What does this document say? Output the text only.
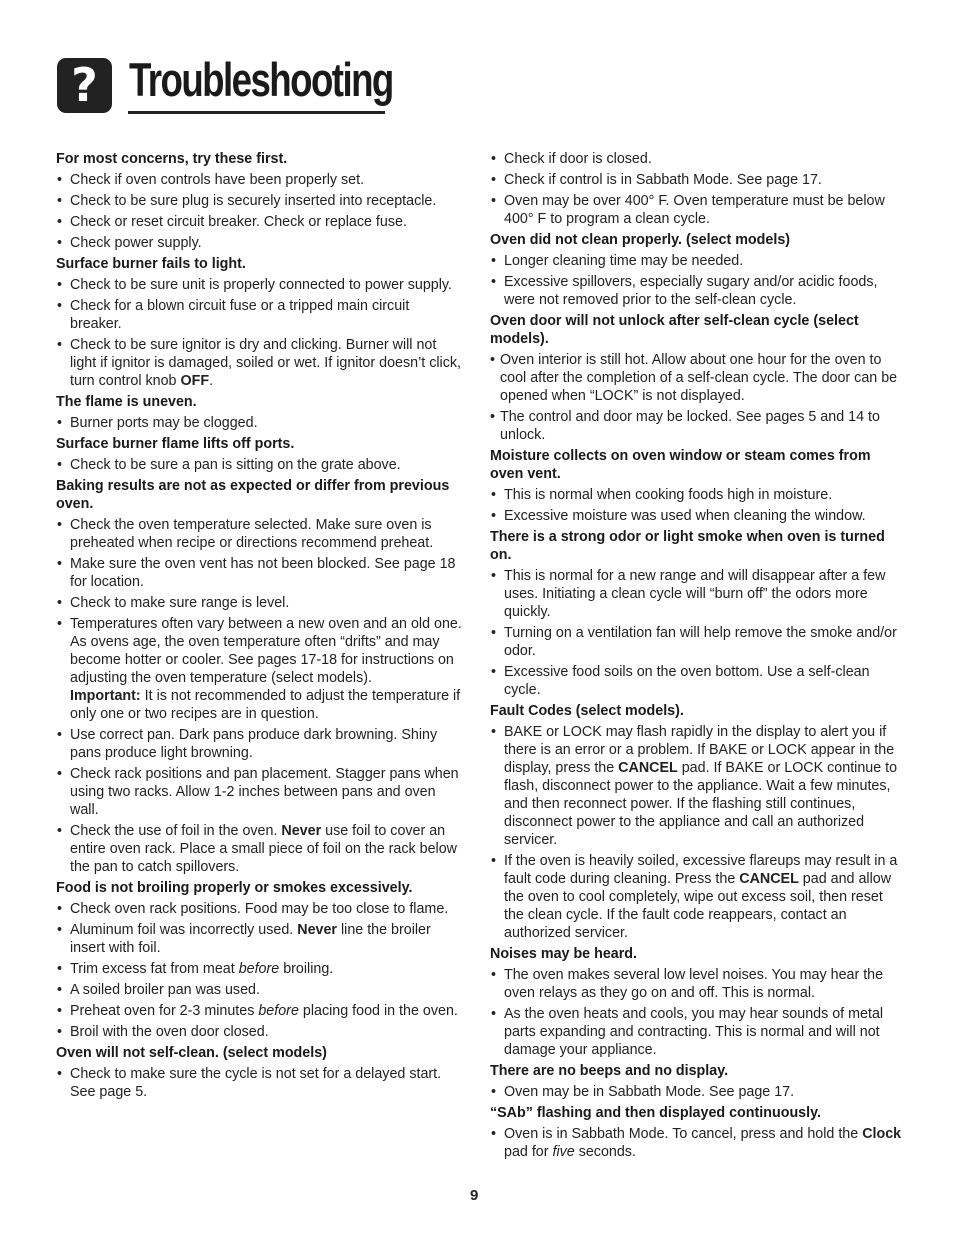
? Troubleshooting
For most concerns, try these first.
• Check if oven controls have been properly set.
• Check to be sure plug is securely inserted into receptacle.
• Check or reset circuit breaker. Check or replace fuse.
• Check power supply.
Surface burner fails to light.
• Check to be sure unit is properly connected to power supply.
• Check for a blown circuit fuse or a tripped main circuit breaker.
• Check to be sure ignitor is dry and clicking. Burner will not light if ignitor is damaged, soiled or wet. If ignitor doesn’t click, turn control knob OFF.
The flame is uneven.
• Burner ports may be clogged.
Surface burner flame lifts off ports.
• Check to be sure a pan is sitting on the grate above.
Baking results are not as expected or differ from previous oven.
• Check the oven temperature selected. Make sure oven is preheated when recipe or directions recommend preheat.
• Make sure the oven vent has not been blocked. See page 18 for location.
• Check to make sure range is level.
• Temperatures often vary between a new oven and an old one. As ovens age, the oven temperature often “drifts” and may become hotter or cooler. See pages 17-18 for instructions on adjusting the oven temperature (select models).
Important: It is not recommended to adjust the temperature if only one or two recipes are in question.
• Use correct pan. Dark pans produce dark browning. Shiny pans produce light browning.
• Check rack positions and pan placement. Stagger pans when using two racks. Allow 1-2 inches between pans and oven wall.
• Check the use of foil in the oven. Never use foil to cover an entire oven rack. Place a small piece of foil on the rack below the pan to catch spillovers.
Food is not broiling properly or smokes excessively.
• Check oven rack positions. Food may be too close to flame.
• Aluminum foil was incorrectly used. Never line the broiler insert with foil.
• Trim excess fat from meat before broiling.
• A soiled broiler pan was used.
• Preheat oven for 2-3 minutes before placing food in the oven.
• Broil with the oven door closed.
Oven will not self-clean. (select models)
• Check to make sure the cycle is not set for a delayed start. See page 5.
• Check if door is closed.
• Check if control is in Sabbath Mode. See page 17.
• Oven may be over 400° F. Oven temperature must be below 400° F to program a clean cycle.
Oven did not clean properly. (select models)
• Longer cleaning time may be needed.
• Excessive spillovers, especially sugary and/or acidic foods, were not removed prior to the self-clean cycle.
Oven door will not unlock after self-clean cycle (select models).
• Oven interior is still hot. Allow about one hour for the oven to cool after the completion of a self-clean cycle. The door can be opened when “LOCK” is not displayed.
• The control and door may be locked. See pages 5 and 14 to unlock.
Moisture collects on oven window or steam comes from oven vent.
• This is normal when cooking foods high in moisture.
• Excessive moisture was used when cleaning the window.
There is a strong odor or light smoke when oven is turned on.
• This is normal for a new range and will disappear after a few uses. Initiating a clean cycle will “burn off” the odors more quickly.
• Turning on a ventilation fan will help remove the smoke and/or odor.
• Excessive food soils on the oven bottom. Use a self-clean cycle.
Fault Codes (select models).
• BAKE or LOCK may flash rapidly in the display to alert you if there is an error or a problem. If BAKE or LOCK appear in the display, press the CANCEL pad. If BAKE or LOCK continue to flash, disconnect power to the appliance. Wait a few minutes, and then reconnect power. If the flashing still continues, disconnect power to the appliance and call an authorized servicer.
• If the oven is heavily soiled, excessive flareups may result in a fault code during cleaning. Press the CANCEL pad and allow the oven to cool completely, wipe out excess soil, then reset the clean cycle. If the fault code reappears, contact an authorized servicer.
Noises may be heard.
• The oven makes several low level noises. You may hear the oven relays as they go on and off. This is normal.
• As the oven heats and cools, you may hear sounds of metal parts expanding and contracting. This is normal and will not damage your appliance.
There are no beeps and no display.
• Oven may be in Sabbath Mode. See page 17.
“SAb” flashing and then displayed continuously.
• Oven is in Sabbath Mode. To cancel, press and hold the Clock pad for five seconds.
9
